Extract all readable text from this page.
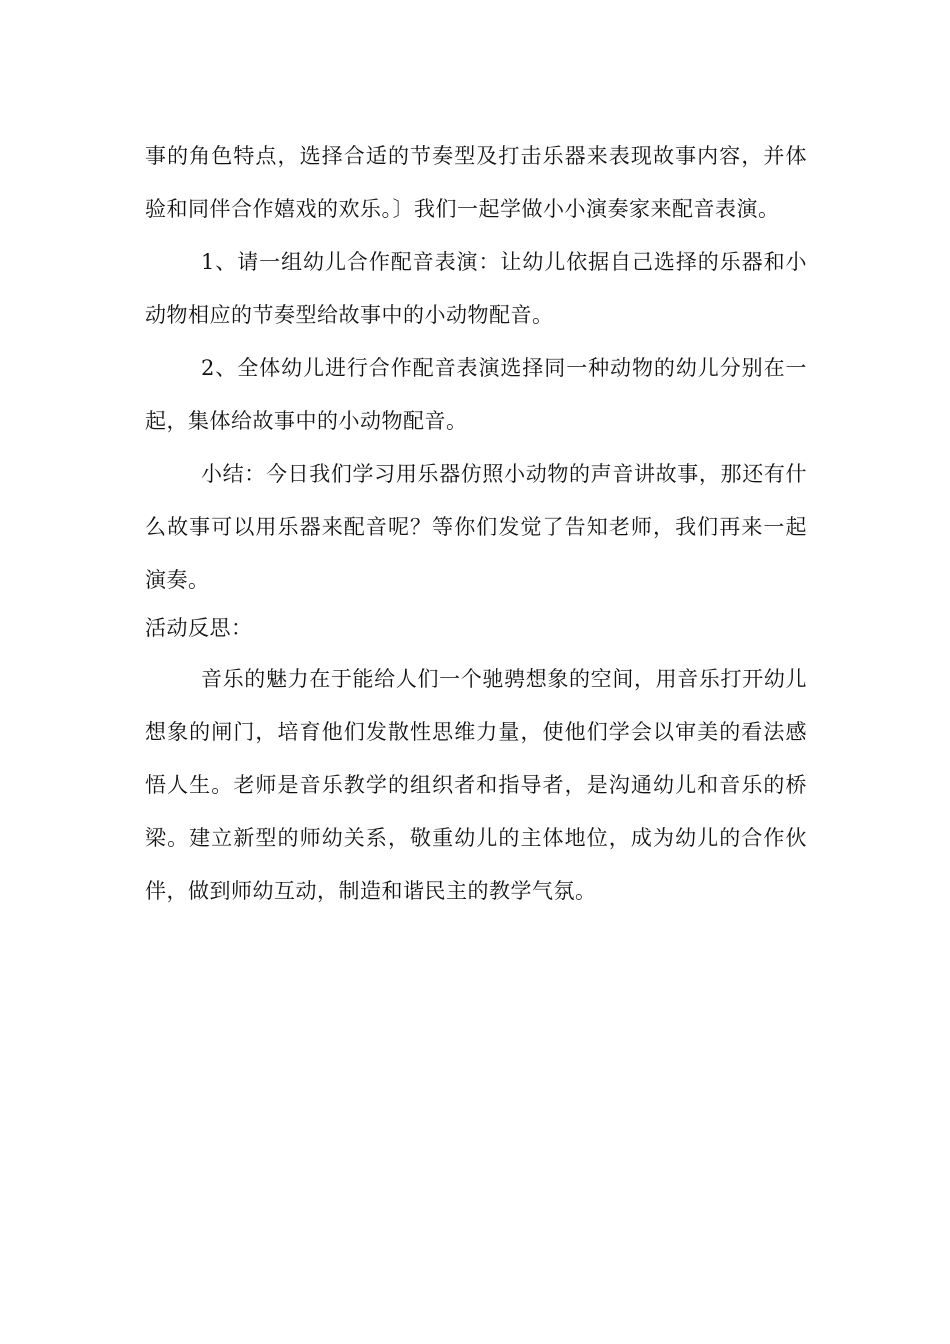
事的角色特点，选择合适的节奏型及打击乐器来表现故事内容，并体验和同伴合作嬉戏的欢乐。〕我们一起学做小小演奏家来配音表演。

1、请一组幼儿合作配音表演：让幼儿依据自己选择的乐器和小动物相应的节奏型给故事中的小动物配音。

2、全体幼儿进行合作配音表演选择同一种动物的幼儿分别在一起，集体给故事中的小动物配音。

小结：今日我们学习用乐器仿照小动物的声音讲故事，那还有什么故事可以用乐器来配音呢？等你们发觉了告知老师，我们再来一起演奏。

活动反思：

音乐的魅力在于能给人们一个驰骋想象的空间，用音乐打开幼儿想象的闸门，培育他们发散性思维力量，使他们学会以审美的看法感悟人生。老师是音乐教学的组织者和指导者，是沟通幼儿和音乐的桥梁。建立新型的师幼关系，敬重幼儿的主体地位，成为幼儿的合作伙伴，做到师幼互动，制造和谐民主的教学气氛。
